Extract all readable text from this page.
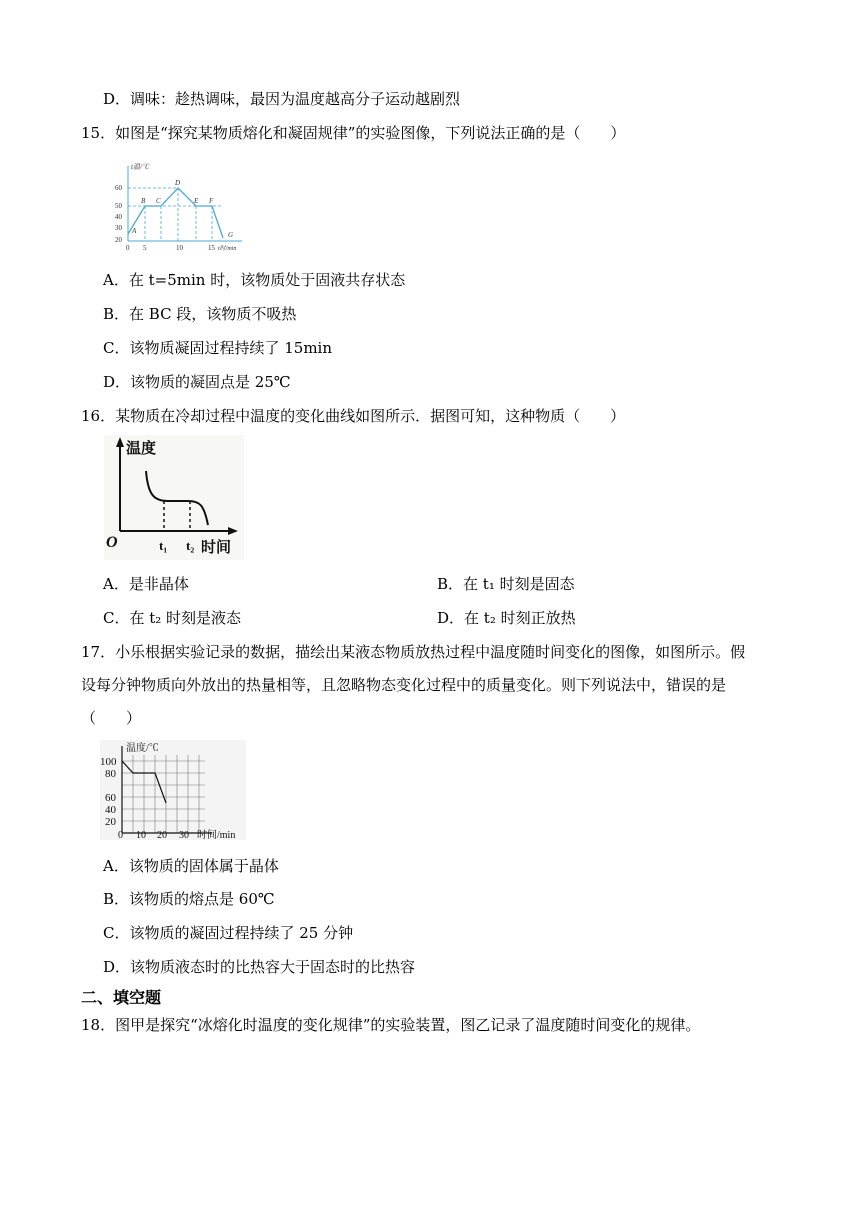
D．调味：趁热调味，最因为温度越高分子运动越剧烈
15．如图是“探究某物质熔化和凝固规律”的实验图像，下列说法正确的是（　　）
t温/℃
60
50
40
30
20
0 5	10	15 t时/min
A
B C
D
E F
G
A．在 t=5min 时，该物质处于固液共存状态
B．在 BC 段，该物质不吸热
C．该物质凝固过程持续了 15min
D．该物质的凝固点是 25℃
16．某物质在冷却过程中温度的变化曲线如图所示．据图可知，这种物质（　　）
温度
O	t₁ t₂ 时间
A．是非晶体	B．在 t₁ 时刻是固态
C．在 t₂ 时刻是液态	D．在 t₂ 时刻正放热
17．小乐根据实验记录的数据，描绘出某液态物质放热过程中温度随时间变化的图像，如图所示。假
设每分钟物质向外放出的热量相等，且忽略物态变化过程中的质量变化。则下列说法中，错误的是
（　　）
温度/℃
100
80
60
40
20
0 10 20 30 时间/min
A．该物质的固体属于晶体
B．该物质的熔点是 60℃
C．该物质的凝固过程持续了 25 分钟
D．该物质液态时的比热容大于固态时的比热容
二、填空题
18．图甲是探究“冰熔化时温度的变化规律”的实验装置，图乙记录了温度随时间变化的规律。
